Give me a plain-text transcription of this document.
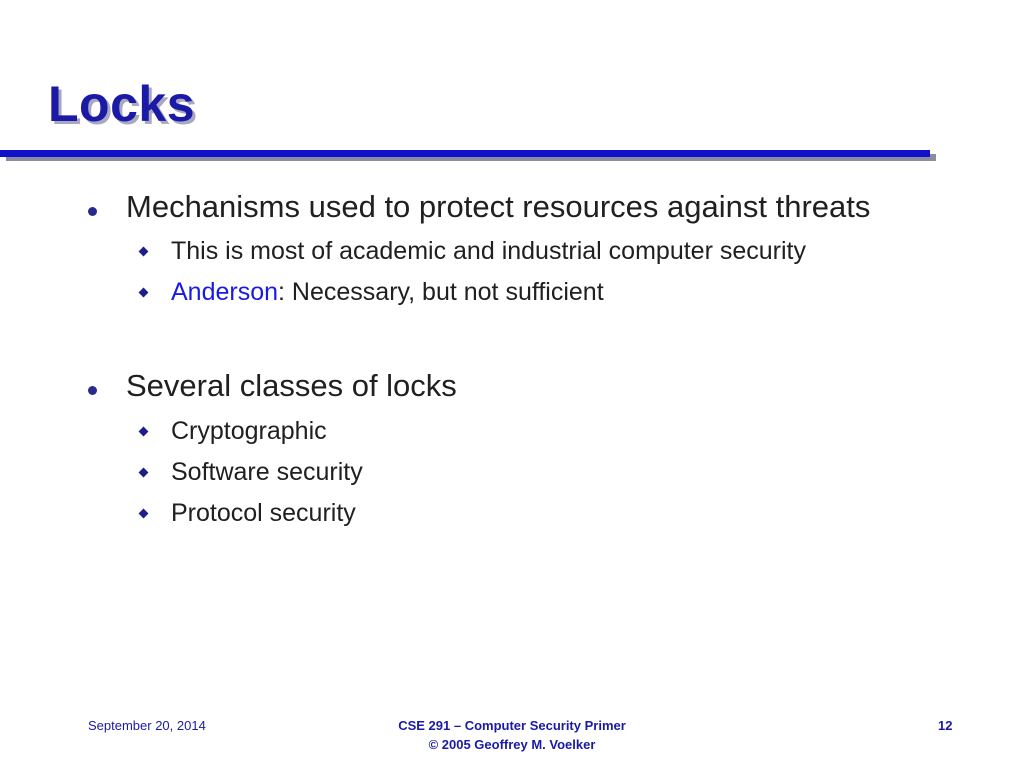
Locks
Mechanisms used to protect resources against threats
This is most of academic and industrial computer security
Anderson: Necessary, but not sufficient
Several classes of locks
Cryptographic
Software security
Protocol security
September 20, 2014	CSE 291 – Computer Security Primer
© 2005 Geoffrey M. Voelker
12
